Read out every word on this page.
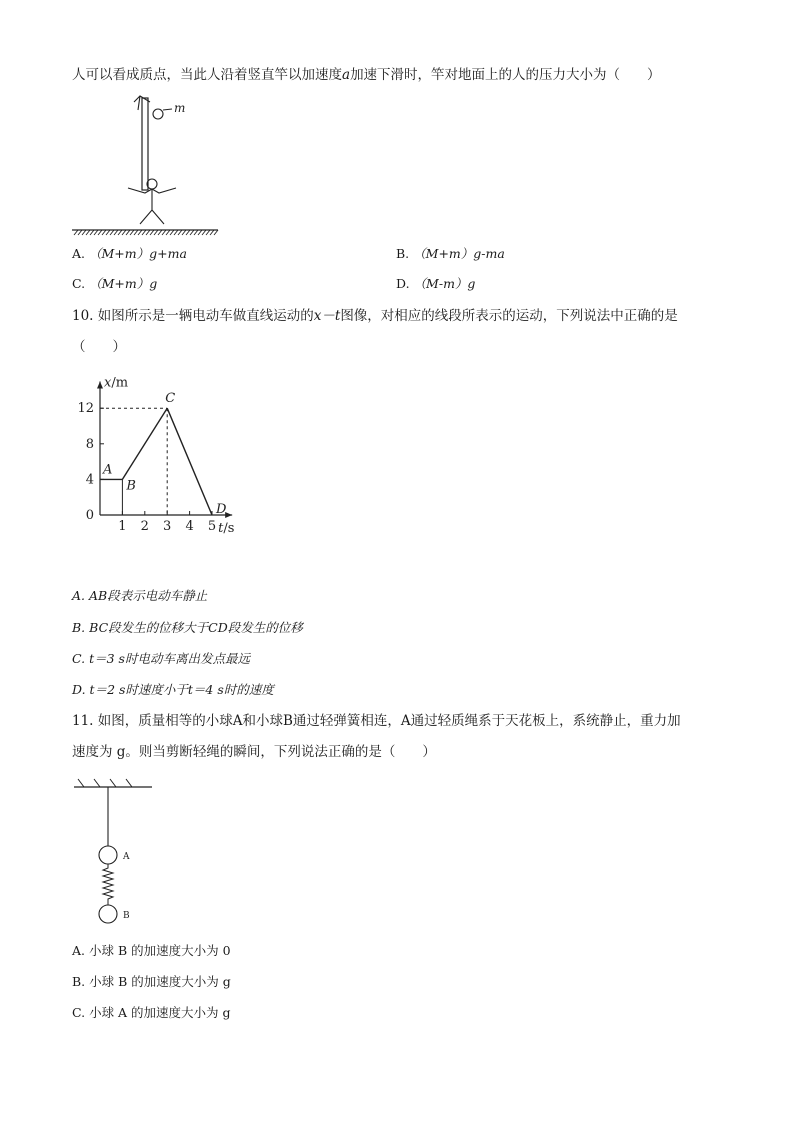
人可以看成质点，当此人沿着竖直竿以加速度a加速下滑时，竿对地面上的人的压力大小为（　　）
m
A. （M+m）g+ma	B. （M+m）g-ma
C. （M+m）g	D. （M-m）g
10. 如图所示是一辆电动车做直线运动的x－t图像，对相应的线段所表示的运动，下列说法中正确的是
（　　）
x/m
t/s
1 2 3 4 5
0
4
8
12
A
B
C
D
A. AB段表示电动车静止
B. BC段发生的位移大于CD段发生的位移
C. t＝3 s时电动车离出发点最远
D. t＝2 s时速度小于t＝4 s时的速度
11. 如图，质量相等的小球A和小球B通过轻弹簧相连，A通过轻质绳系于天花板上，系统静止，重力加
速度为 g。则当剪断轻绳的瞬间，下列说法正确的是（　　）
A
B
A. 小球 B 的加速度大小为 0
B. 小球 B 的加速度大小为 g
C. 小球 A 的加速度大小为 g
